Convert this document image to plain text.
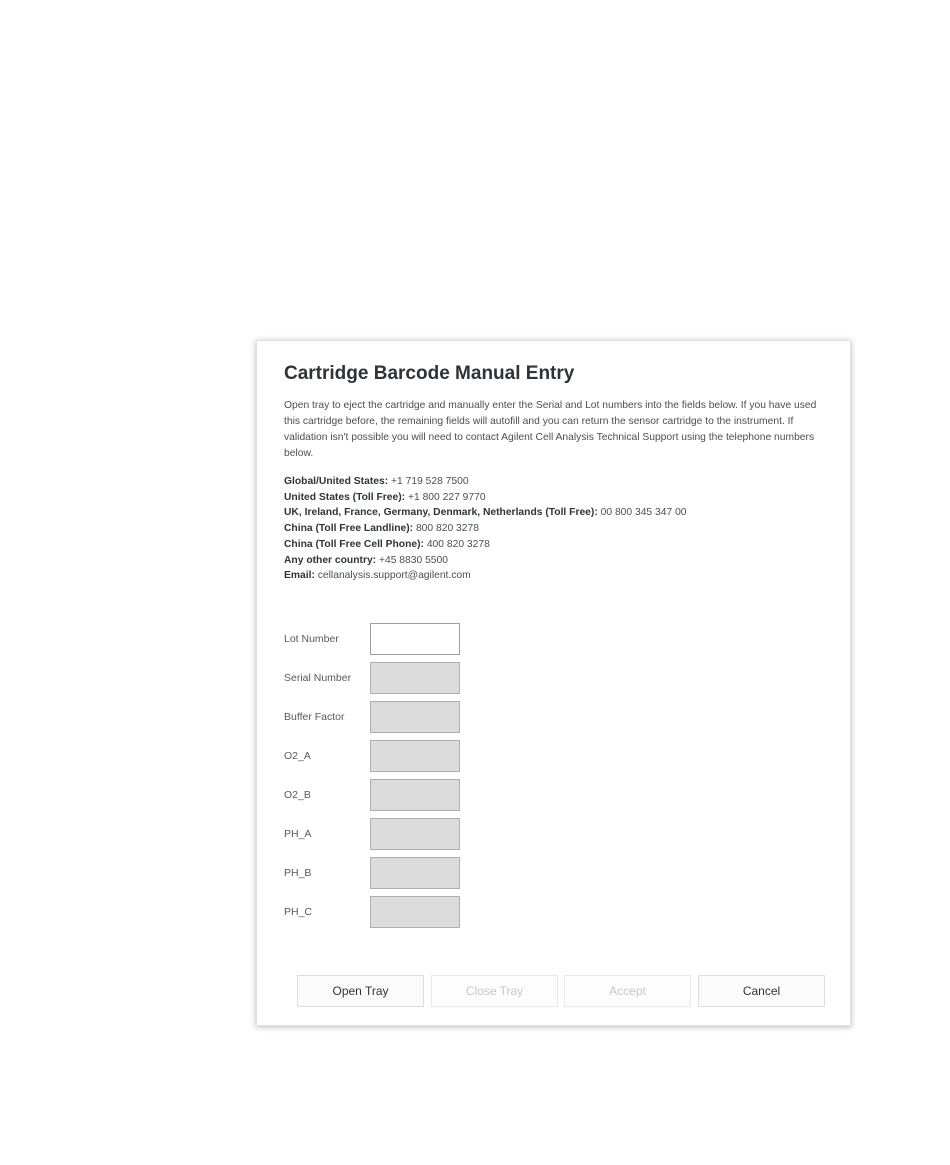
Cartridge Barcode Manual Entry

Open tray to eject the cartridge and manually enter the Serial and Lot numbers into the fields below. If you have used this cartridge before, the remaining fields will autofill and you can return the sensor cartridge to the instrument. If validation isn't possible you will need to contact Agilent Cell Analysis Technical Support using the telephone numbers below.

Global/United States: +1 719 528 7500
United States (Toll Free): +1 800 227 9770
UK, Ireland, France, Germany, Denmark, Netherlands (Toll Free): 00 800 345 347 00
China (Toll Free Landline): 800 820 3278
China (Toll Free Cell Phone): 400 820 3278
Any other country: +45 8830 5500
Email: cellanalysis.support@agilent.com
Lot Number
Serial Number
Buffer Factor
O2_A
O2_B
PH_A
PH_B
PH_C
Open Tray	Close Tray	Accept	Cancel
